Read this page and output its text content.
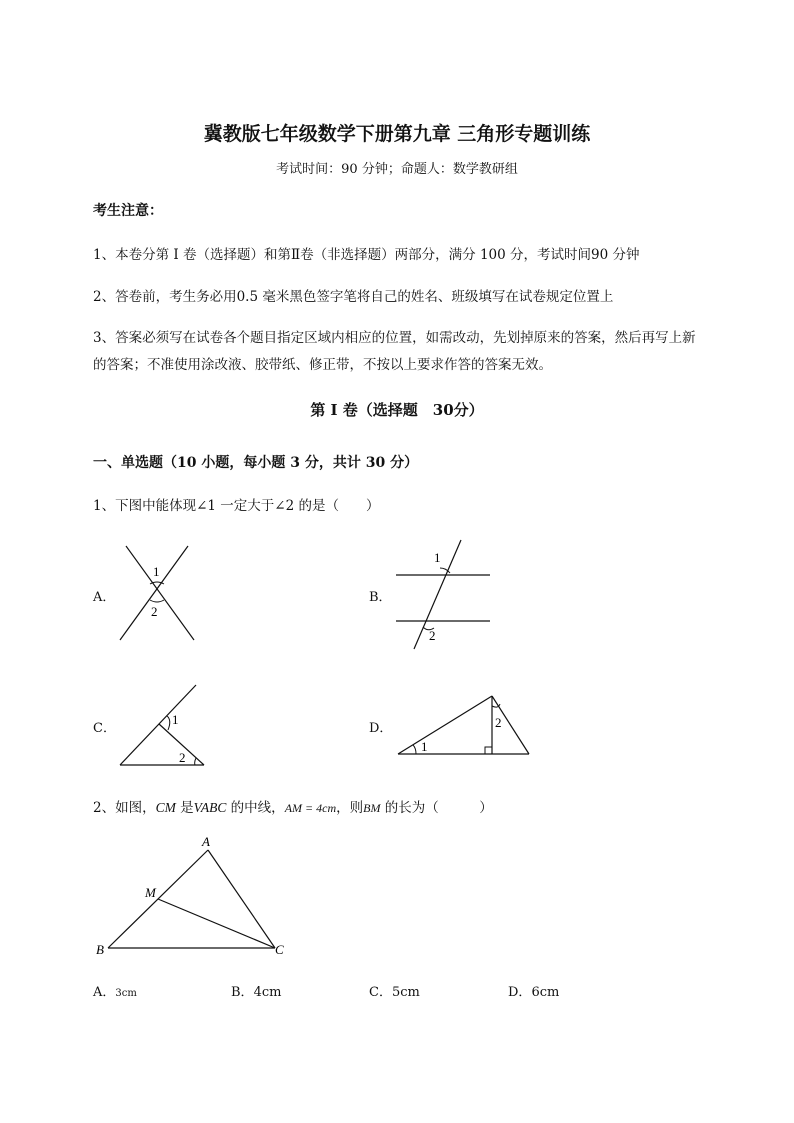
冀教版七年级数学下册第九章 三角形专题训练
考试时间：90 分钟；命题人：数学教研组
考生注意：
1、本卷分第 I 卷（选择题）和第Ⅱ卷（非选择题）两部分，满分 100 分，考试时间90 分钟
2、答卷前，考生务必用0.5 毫米黑色签字笔将自己的姓名、班级填写在试卷规定位置上
3、答案必须写在试卷各个题目指定区域内相应的位置，如需改动，先划掉原来的答案，然后再写上新
的答案；不准使用涂改液、胶带纸、修正带，不按以上要求作答的答案无效。
第 I 卷（选择题　30分）
一、单选题（10 小题，每小题 3 分，共计 30 分）
1、下图中能体现∠1 一定大于∠2 的是（　　）
A．
1
2
B．
1
2
C．
1
2
D．
1
2
2、如图，CM 是VABC 的中线，AM = 4cm，则BM 的长为（　　　）
A
B	C
M
A．3cm	B．4cm	C．5cm	D．6cm
